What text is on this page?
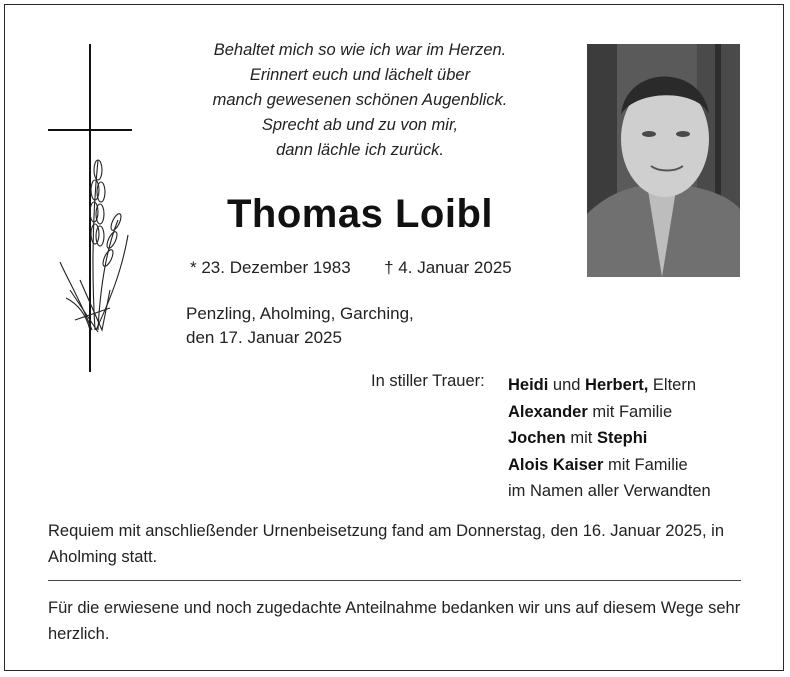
Behaltet mich so wie ich war im Herzen.
Erinnert euch und lächelt über
manch gewesenen schönen Augenblick.
Sprecht ab und zu von mir,
dann lächle ich zurück.
Thomas Loibl
* 23. Dezember 1983 † 4. Januar 2025
Penzling, Aholming, Garching,
den 17. Januar 2025
In stiller Trauer: Heidi und Herbert, Eltern
Alexander mit Familie
Jochen mit Stephi
Alois Kaiser mit Familie
im Namen aller Verwandten
Requiem mit anschließender Urnenbeisetzung fand am Donnerstag, den 16. Januar 2025, in Aholming statt.
Für die erwiesene und noch zugedachte Anteilnahme bedanken wir uns auf diesem Wege sehr herzlich.
